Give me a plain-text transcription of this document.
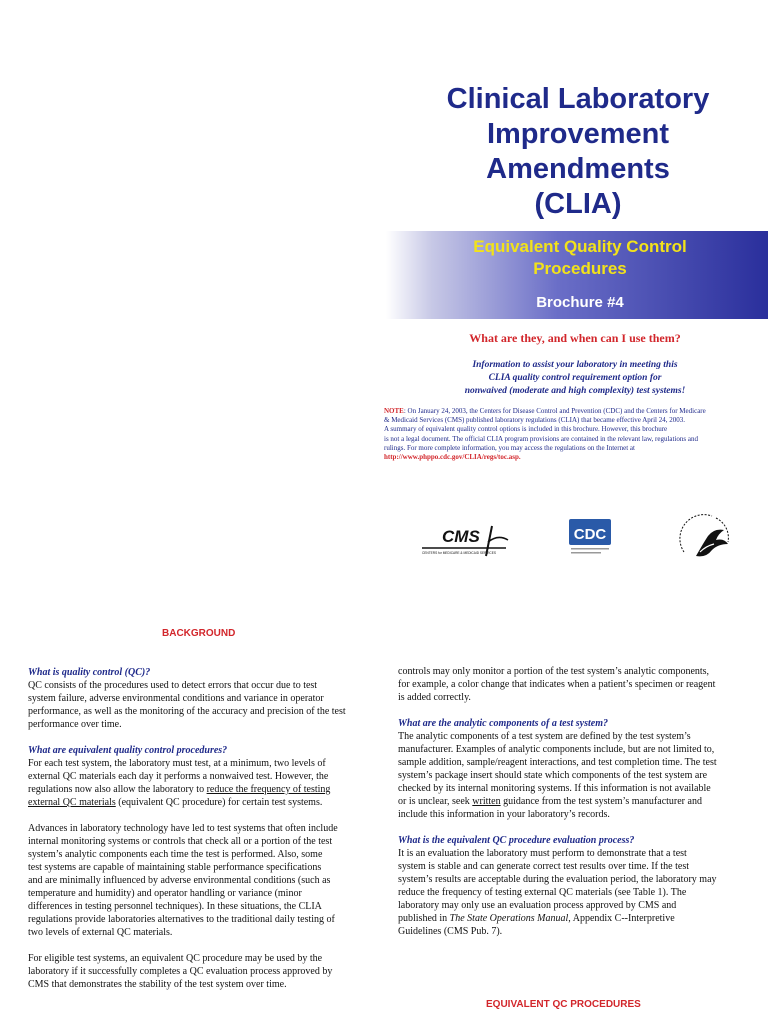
Clinical Laboratory
Improvement
Amendments
(CLIA)
Equivalent Quality Control
Procedures
Brochure #4
What are they, and when can I use them?
Information to assist your laboratory in meeting this
CLIA quality control requirement option for
nonwaived (moderate and high complexity) test systems!
NOTE: On January 24, 2003, the Centers for Disease Control and Prevention (CDC) and the Centers for Medicare
& Medicaid Services (CMS) published laboratory regulations (CLIA) that became effective April 24, 2003.
A summary of equivalent quality control options is included in this brochure. However, this brochure
is not a legal document. The official CLIA program provisions are contained in the relevant law, regulations and
rulings. For more complete information, you may access the regulations on the Internet at
http://www.phppo.cdc.gov/CLIA/regs/toc.asp.
CMS
CENTERS for MEDICARE & MEDICAID SERVICES
CDC
BACKGROUND
What is quality control (QC)?
QC consists of the procedures used to detect errors that occur due to test
system failure, adverse environmental conditions and variance in operator
performance, as well as the monitoring of the accuracy and precision of the test
performance over time.
What are equivalent quality control procedures?
For each test system, the laboratory must test, at a minimum, two levels of
external QC materials each day it performs a nonwaived test. However, the
regulations now also allow the laboratory to reduce the frequency of testing
external QC materials (equivalent QC procedure) for certain test systems.
Advances in laboratory technology have led to test systems that often include
internal monitoring systems or controls that check all or a portion of the test
system’s analytic components each time the test is performed. Also, some
test systems are capable of maintaining stable performance specifications
and are minimally influenced by adverse environmental conditions (such as
temperature and humidity) and operator handling or variance (minor
differences in testing personnel techniques). In these situations, the CLIA
regulations provide laboratories alternatives to the traditional daily testing of
two levels of external QC materials.
For eligible test systems, an equivalent QC procedure may be used by the
laboratory if it successfully completes a QC evaluation process approved by
CMS that demonstrates the stability of the test system over time.
controls may only monitor a portion of the test system’s analytic components,
for example, a color change that indicates when a patient’s specimen or reagent
is added correctly.
What are the analytic components of a test system?
The analytic components of a test system are defined by the test system’s
manufacturer. Examples of analytic components include, but are not limited to,
sample addition, sample/reagent interactions, and test completion time. The test
system’s package insert should state which components of the test system are
checked by its internal monitoring systems. If this information is not available
or is unclear, seek written guidance from the test system’s manufacturer and
include this information in your laboratory’s records.
What is the equivalent QC procedure evaluation process?
It is an evaluation the laboratory must perform to demonstrate that a test
system is stable and can generate correct test results over time. If the test
system’s results are acceptable during the evaluation period, the laboratory may
reduce the frequency of testing external QC materials (see Table 1). The
laboratory may only use an evaluation process approved by CMS and
published in The State Operations Manual, Appendix C--Interpretive
Guidelines (CMS Pub. 7).
EQUIVALENT QC PROCEDURES
